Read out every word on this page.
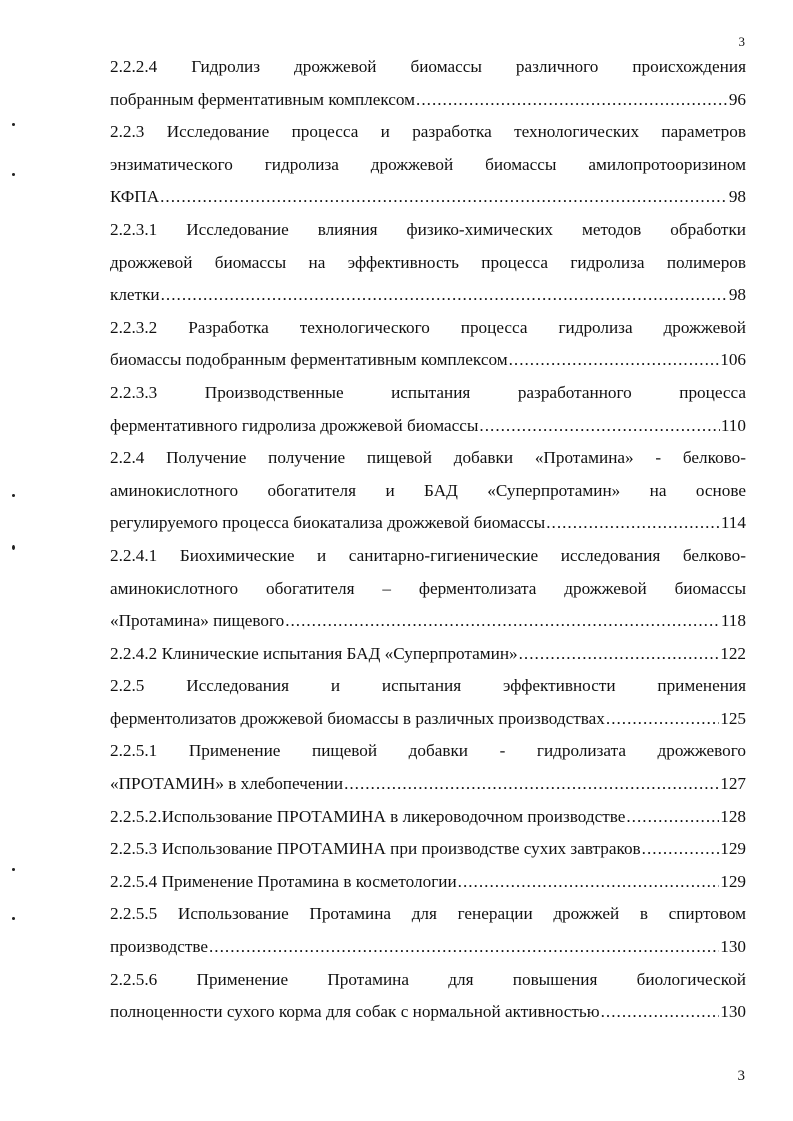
3
2.2.2.4 Гидролиз дрожжевой биомассы различного происхождения
побранным ферментативным комплексом .....	96
2.2.3 Исследование процесса и разработка технологических параметров
энзиматического гидролиза дрожжевой биомассы амилопротооризином
КФПА .....	98
2.2.3.1 Исследование влияния физико-химических методов обработки
дрожжевой биомассы на эффективность процесса гидролиза полимеров
клетки .....	98
2.2.3.2 Разработка технологического процесса гидролиза дрожжевой
биомассы подобранным ферментативным комплексом .....	106
2.2.3.3 Производственные испытания разработанного процесса
ферментативного гидролиза дрожжевой биомассы .....	110
2.2.4 Получение получение пищевой добавки «Протамина» - белково-
аминокислотного обогатителя и БАД «Суперпротамин» на основе
регулируемого процесса биокатализа дрожжевой биомассы .....	114
2.2.4.1 Биохимические и санитарно-гигиенические исследования белково-
аминокислотного обогатителя – ферментолизата дрожжевой биомассы
«Протамина» пищевого .....	118
2.2.4.2 Клинические испытания БАД «Суперпротамин» .....	122
2.2.5 Исследования и испытания эффективности применения
ферментолизатов дрожжевой биомассы в различных производствах .....	125
2.2.5.1 Применение пищевой добавки - гидролизата дрожжевого
«ПРОТАМИН» в хлебопечении .....	127
2.2.5.2.Использование ПРОТАМИНА в ликероводочном производстве .....	128
2.2.5.3 Использование ПРОТАМИНА при производстве сухих завтраков .....	129
2.2.5.4 Применение Протамина в косметологии .....	129
2.2.5.5 Использование Протамина для генерации дрожжей в спиртовом
производстве .....	130
2.2.5.6 Применение Протамина для повышения биологической
полноценности сухого корма для собак с нормальной активностью .....	130
3
